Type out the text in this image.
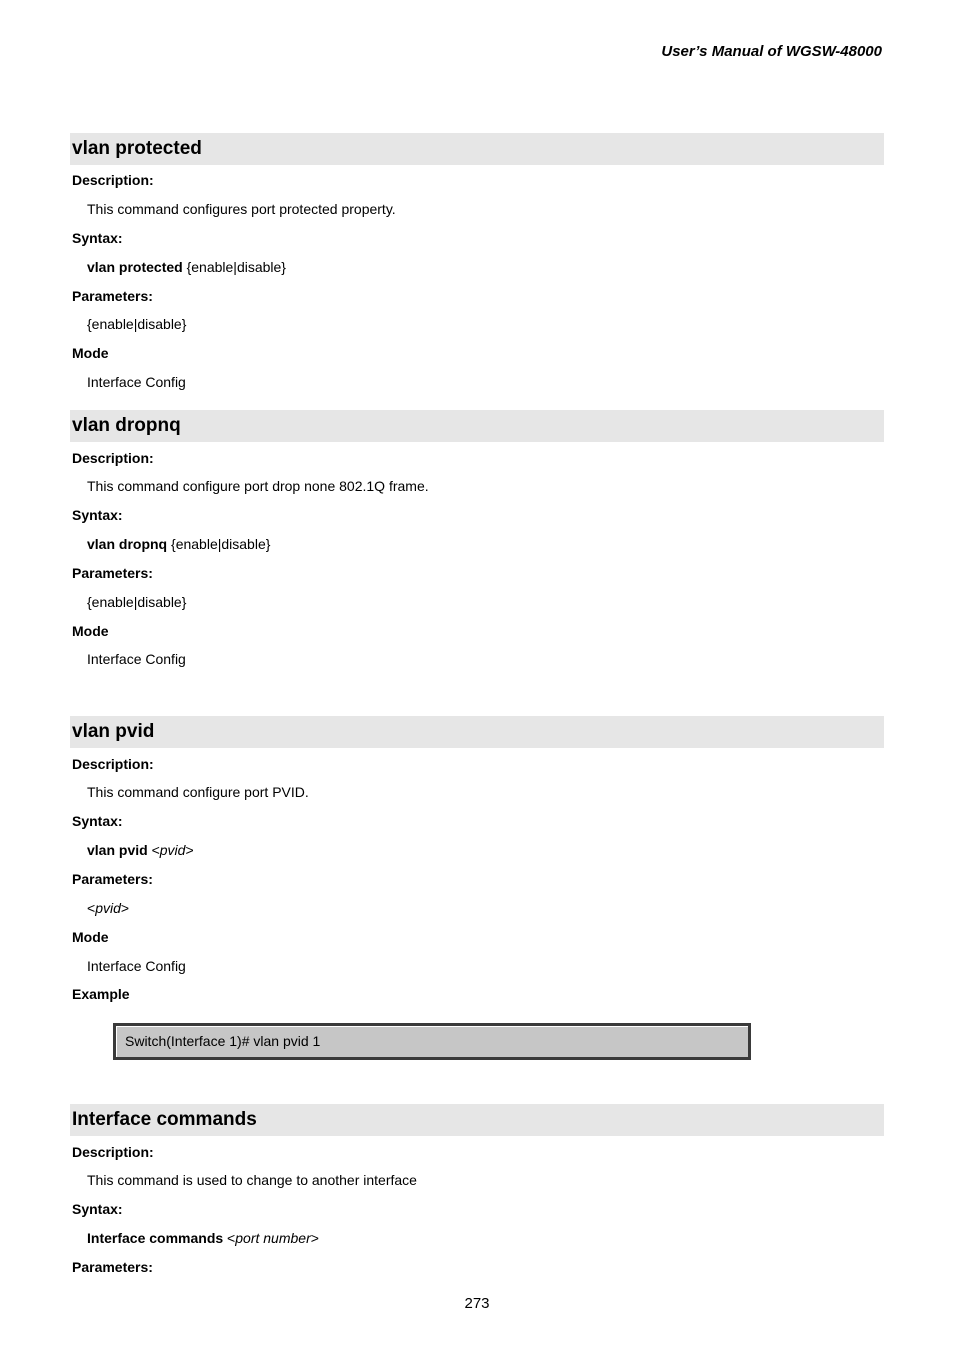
User’s Manual of WGSW-48000
vlan protected
Description:
This command configures port protected property.
Syntax:
vlan protected {enable|disable}
Parameters:
{enable|disable}
Mode
Interface Config
vlan dropnq
Description:
This command configure port drop none 802.1Q frame.
Syntax:
vlan dropnq {enable|disable}
Parameters:
{enable|disable}
Mode
Interface Config
vlan pvid
Description:
This command configure port PVID.
Syntax:
vlan pvid <pvid>
Parameters:
<pvid>
Mode
Interface Config
Example
Switch(Interface 1)# vlan pvid 1
Interface commands
Description:
This command is used to change to another interface
Syntax:
Interface commands <port number>
Parameters:
273
